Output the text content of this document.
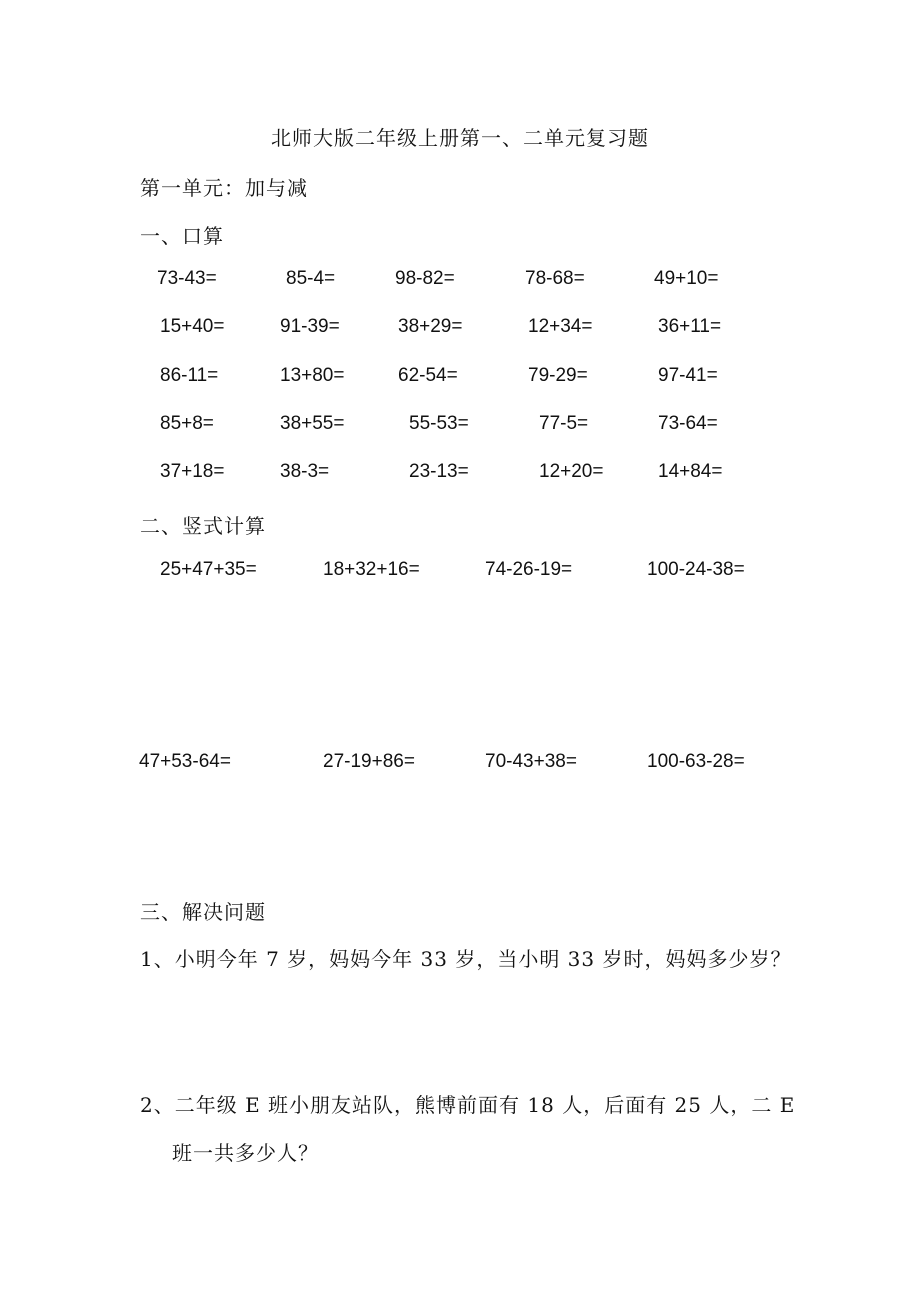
北师大版二年级上册第一、二单元复习题
第一单元：加与减
一、口算
73-43=	85-4=	98-82=	78-68=	49+10=
15+40=	91-39=	38+29=	12+34=	36+11=
86-11=	13+80=	62-54=	79-29=	97-41=
85+8=	38+55=	55-53=	77-5=	73-64=
37+18=	38-3=	23-13=	12+20=	14+84=
二、竖式计算
25+47+35=	18+32+16=	74-26-19=	100-24-38=
47+53-64=	27-19+86=	70-43+38=	100-63-28=
三、解决问题
1、小明今年 7 岁，妈妈今年 33 岁，当小明 33 岁时，妈妈多少岁？
2、二年级 E 班小朋友站队，熊博前面有 18 人，后面有 25 人，二 E
班一共多少人？
